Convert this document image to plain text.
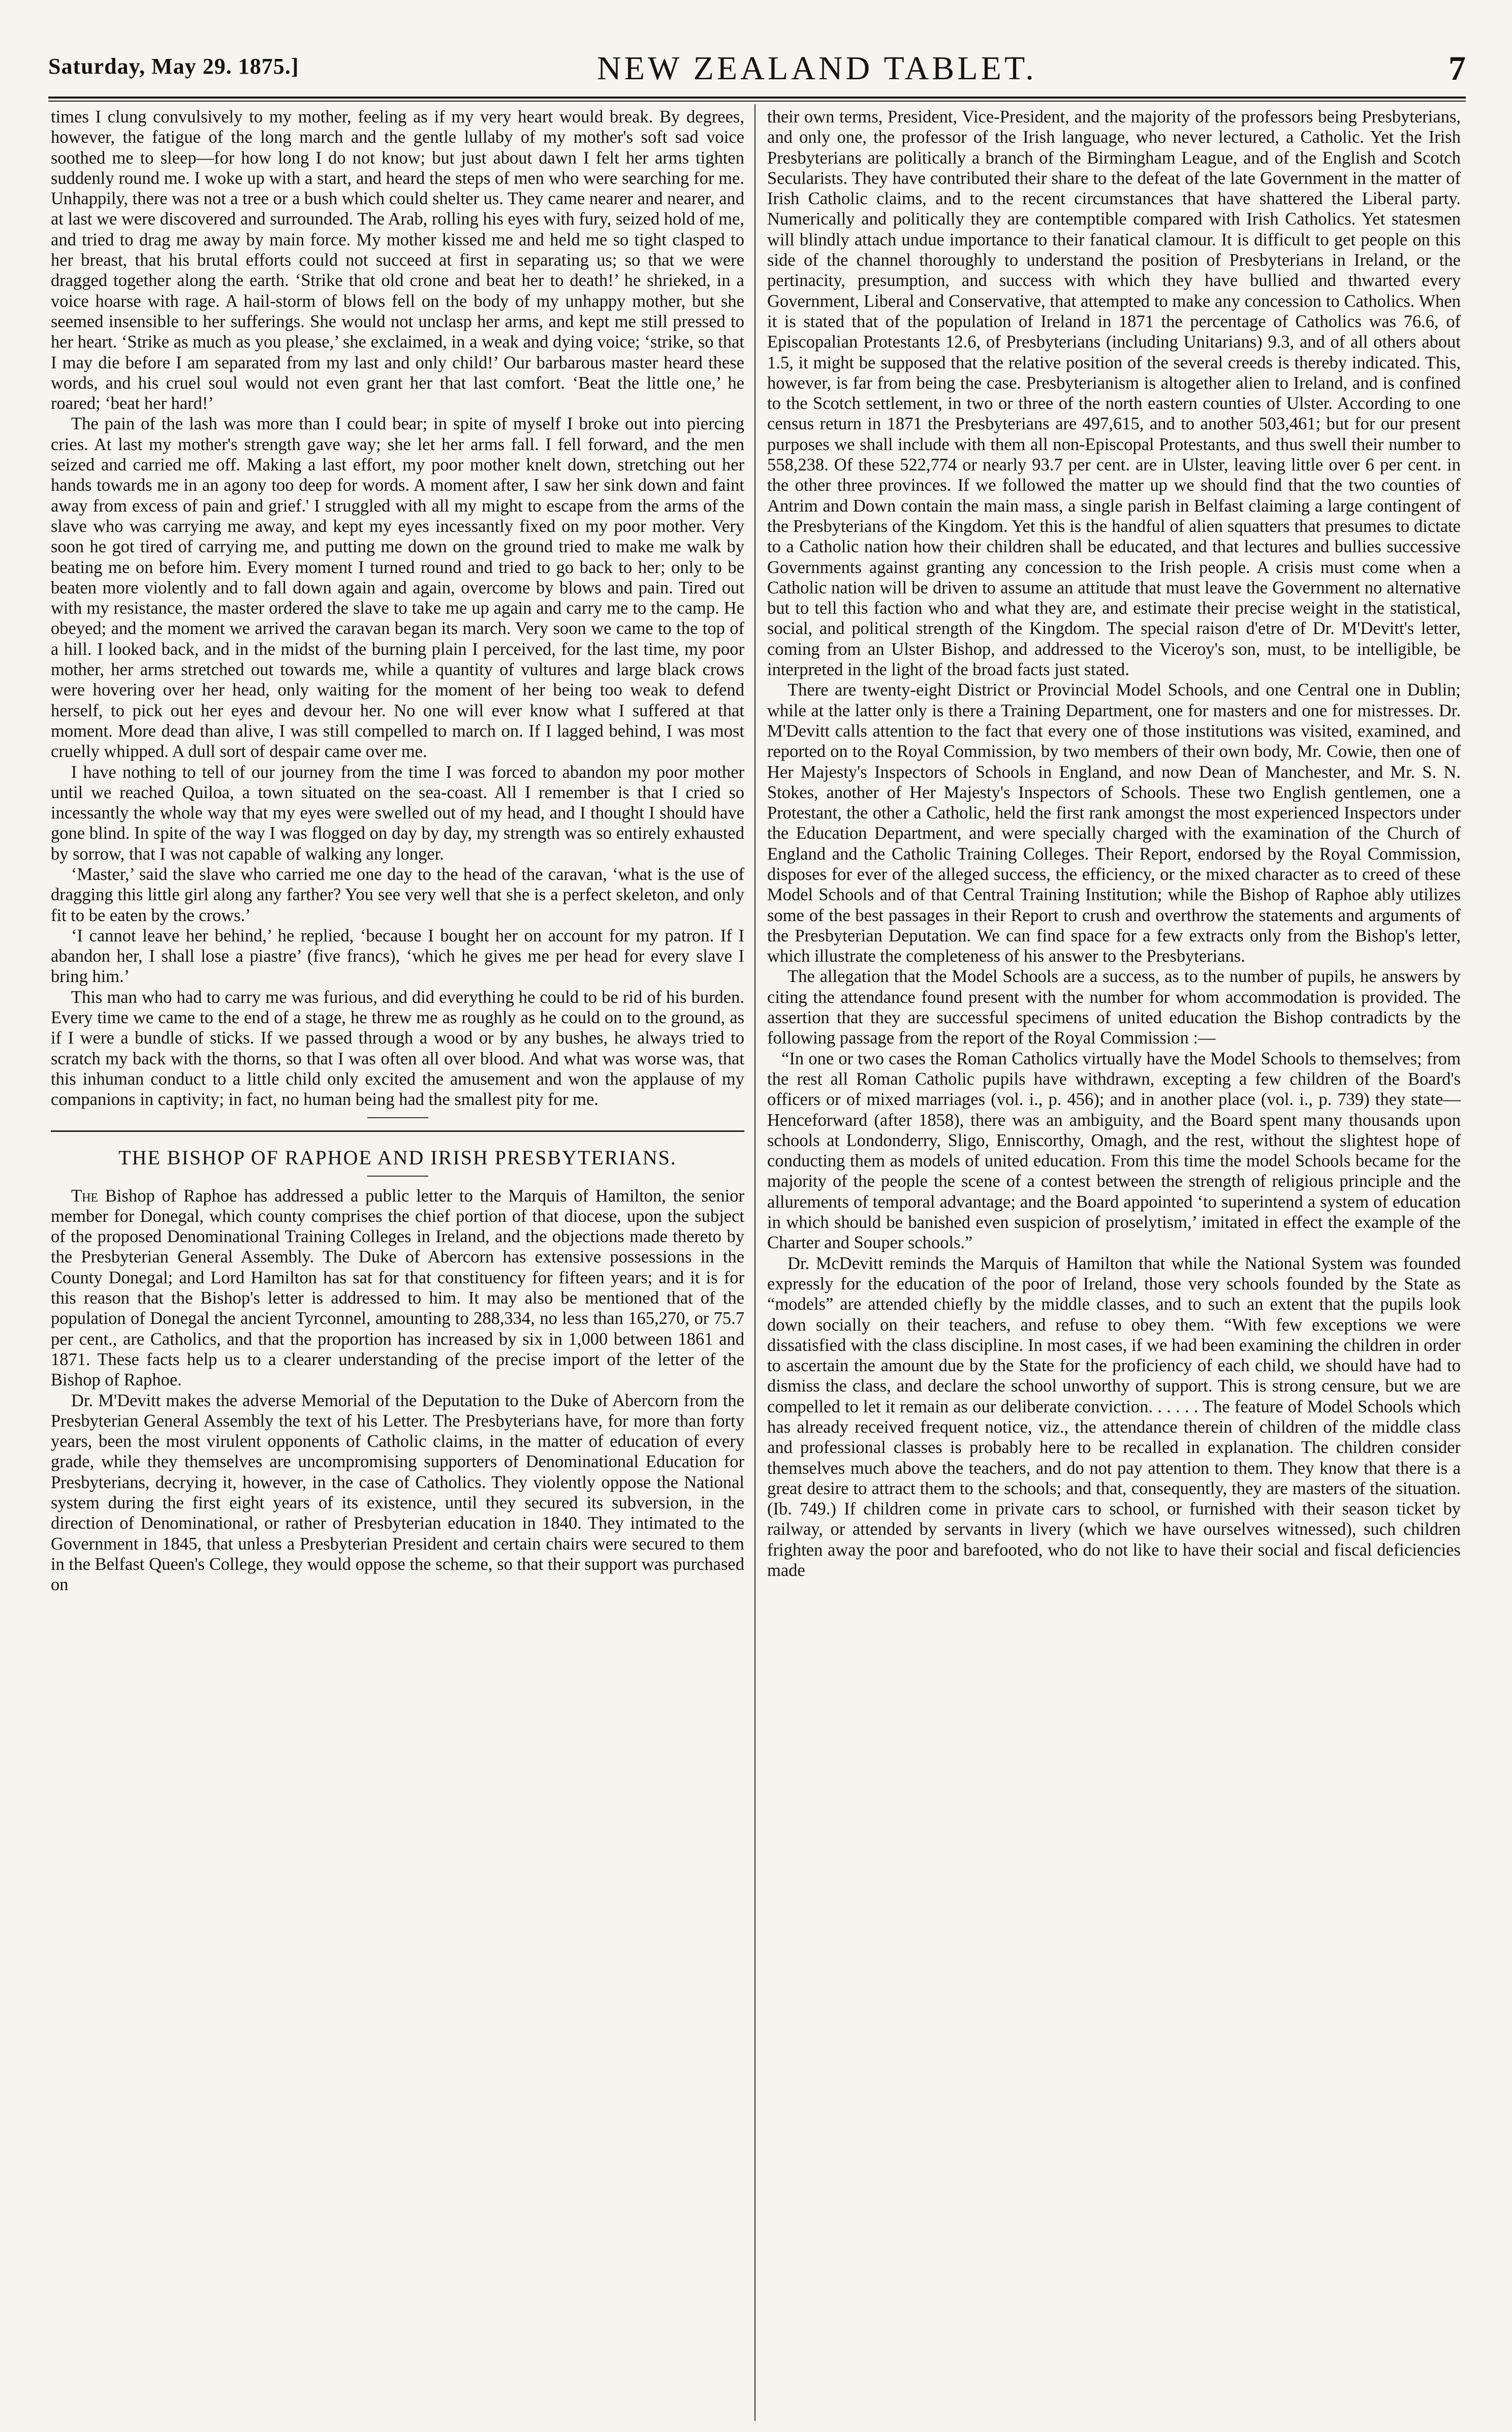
Saturday, May 29. 1875.]	NEW ZEALAND TABLET.	7

times I clung convulsively to my mother, feeling as if my very heart would break. By degrees, however, the fatigue of the long march and the gentle lullaby of my mother's soft sad voice soothed me to sleep—for how long I do not know; but just about dawn I felt her arms tighten suddenly round me. I woke up with a start, and heard the steps of men who were searching for me. Unhappily, there was not a tree or a bush which could shelter us. They came nearer and nearer, and at last we were discovered and surrounded. The Arab, rolling his eyes with fury, seized hold of me, and tried to drag me away by main force. My mother kissed me and held me so tight clasped to her breast, that his brutal efforts could not succeed at first in separating us; so that we were dragged together along the earth. ‘Strike that old crone and beat her to death!’ he shrieked, in a voice hoarse with rage. A hail-storm of blows fell on the body of my unhappy mother, but she seemed insensible to her sufferings. She would not unclasp her arms, and kept me still pressed to her heart. ‘Strike as much as you please,’ she exclaimed, in a weak and dying voice; ‘strike, so that I may die before I am separated from my last and only child!’ Our barbarous master heard these words, and his cruel soul would not even grant her that last comfort. ‘Beat the little one,’ he roared; ‘beat her hard!’

The pain of the lash was more than I could bear; in spite of myself I broke out into piercing cries. At last my mother's strength gave way; she let her arms fall. I fell forward, and the men seized and carried me off. Making a last effort, my poor mother knelt down, stretching out her hands towards me in an agony too deep for words. A moment after, I saw her sink down and faint away from excess of pain and grief.' I struggled with all my might to escape from the arms of the slave who was carrying me away, and kept my eyes incessantly fixed on my poor mother. Very soon he got tired of carrying me, and putting me down on the ground tried to make me walk by beating me on before him. Every moment I turned round and tried to go back to her; only to be beaten more violently and to fall down again and again, overcome by blows and pain. Tired out with my resistance, the master ordered the slave to take me up again and carry me to the camp. He obeyed; and the moment we arrived the caravan began its march. Very soon we came to the top of a hill. I looked back, and in the midst of the burning plain I perceived, for the last time, my poor mother, her arms stretched out towards me, while a quantity of vultures and large black crows were hovering over her head, only waiting for the moment of her being too weak to defend herself, to pick out her eyes and devour her. No one will ever know what I suffered at that moment. More dead than alive, I was still compelled to march on. If I lagged behind, I was most cruelly whipped. A dull sort of despair came over me.

I have nothing to tell of our journey from the time I was forced to abandon my poor mother until we reached Quiloa, a town situated on the sea-coast. All I remember is that I cried so incessantly the whole way that my eyes were swelled out of my head, and I thought I should have gone blind. In spite of the way I was flogged on day by day, my strength was so entirely exhausted by sorrow, that I was not capable of walking any longer.

‘Master,’ said the slave who carried me one day to the head of the caravan, ‘what is the use of dragging this little girl along any farther? You see very well that she is a perfect skeleton, and only fit to be eaten by the crows.’

‘I cannot leave her behind,’ he replied, ‘because I bought her on account for my patron. If I abandon her, I shall lose a piastre’ (five francs), ‘which he gives me per head for every slave I bring him.’

This man who had to carry me was furious, and did everything he could to be rid of his burden. Every time we came to the end of a stage, he threw me as roughly as he could on to the ground, as if I were a bundle of sticks. If we passed through a wood or by any bushes, he always tried to scratch my back with the thorns, so that I was often all over blood. And what was worse was, that this inhuman conduct to a little child only excited the amusement and won the applause of my companions in captivity; in fact, no human being had the smallest pity for me.

THE BISHOP OF RAPHOE AND IRISH PRESBYTERIANS.

The Bishop of Raphoe has addressed a public letter to the Marquis of Hamilton, the senior member for Donegal, which county comprises the chief portion of that diocese, upon the subject of the proposed Denominational Training Colleges in Ireland, and the objections made thereto by the Presbyterian General Assembly. The Duke of Abercorn has extensive possessions in the County Donegal; and Lord Hamilton has sat for that constituency for fifteen years; and it is for this reason that the Bishop's letter is addressed to him. It may also be mentioned that of the population of Donegal the ancient Tyrconnel, amounting to 288,334, no less than 165,270, or 75.7 per cent., are Catholics, and that the proportion has increased by six in 1,000 between 1861 and 1871. These facts help us to a clearer understanding of the precise import of the letter of the Bishop of Raphoe.

Dr. M'Devitt makes the adverse Memorial of the Deputation to the Duke of Abercorn from the Presbyterian General Assembly the text of his Letter. The Presbyterians have, for more than forty years, been the most virulent opponents of Catholic claims, in the matter of education of every grade, while they themselves are uncompromising supporters of Denominational Education for Presbyterians, decrying it, however, in the case of Catholics. They violently oppose the National system during the first eight years of its existence, until they secured its subversion, in the direction of Denominational, or rather of Presbyterian education in 1840. They intimated to the Government in 1845, that unless a Presbyterian President and certain chairs were secured to them in the Belfast Queen's College, they would oppose the scheme, so that their support was purchased on

their own terms, President, Vice-President, and the majority of the professors being Presbyterians, and only one, the professor of the Irish language, who never lectured, a Catholic. Yet the Irish Presbyterians are politically a branch of the Birmingham League, and of the English and Scotch Secularists. They have contributed their share to the defeat of the late Government in the matter of Irish Catholic claims, and to the recent circumstances that have shattered the Liberal party. Numerically and politically they are contemptible compared with Irish Catholics. Yet statesmen will blindly attach undue importance to their fanatical clamour. It is difficult to get people on this side of the channel thoroughly to understand the position of Presbyterians in Ireland, or the pertinacity, presumption, and success with which they have bullied and thwarted every Government, Liberal and Conservative, that attempted to make any concession to Catholics. When it is stated that of the population of Ireland in 1871 the percentage of Catholics was 76.6, of Episcopalian Protestants 12.6, of Presbyterians (including Unitarians) 9.3, and of all others about 1.5, it might be supposed that the relative position of the several creeds is thereby indicated. This, however, is far from being the case. Presbyterianism is altogether alien to Ireland, and is confined to the Scotch settlement, in two or three of the north eastern counties of Ulster. According to one census return in 1871 the Presbyterians are 497,615, and to another 503,461; but for our present purposes we shall include with them all non-Episcopal Protestants, and thus swell their number to 558,238. Of these 522,774 or nearly 93.7 per cent. are in Ulster, leaving little over 6 per cent. in the other three provinces. If we followed the matter up we should find that the two counties of Antrim and Down contain the main mass, a single parish in Belfast claiming a large contingent of the Presbyterians of the Kingdom. Yet this is the handful of alien squatters that presumes to dictate to a Catholic nation how their children shall be educated, and that lectures and bullies successive Governments against granting any concession to the Irish people. A crisis must come when a Catholic nation will be driven to assume an attitude that must leave the Government no alternative but to tell this faction who and what they are, and estimate their precise weight in the statistical, social, and political strength of the Kingdom. The special raison d'etre of Dr. M'Devitt's letter, coming from an Ulster Bishop, and addressed to the Viceroy's son, must, to be intelligible, be interpreted in the light of the broad facts just stated.

There are twenty-eight District or Provincial Model Schools, and one Central one in Dublin; while at the latter only is there a Training Department, one for masters and one for mistresses. Dr. M'Devitt calls attention to the fact that every one of those institutions was visited, examined, and reported on to the Royal Commission, by two members of their own body, Mr. Cowie, then one of Her Majesty's Inspectors of Schools in England, and now Dean of Manchester, and Mr. S. N. Stokes, another of Her Majesty's Inspectors of Schools. These two English gentlemen, one a Protestant, the other a Catholic, held the first rank amongst the most experienced Inspectors under the Education Department, and were specially charged with the examination of the Church of England and the Catholic Training Colleges. Their Report, endorsed by the Royal Commission, disposes for ever of the alleged success, the efficiency, or the mixed character as to creed of these Model Schools and of that Central Training Institution; while the Bishop of Raphoe ably utilizes some of the best passages in their Report to crush and overthrow the statements and arguments of the Presbyterian Deputation. We can find space for a few extracts only from the Bishop's letter, which illustrate the completeness of his answer to the Presbyterians.

The allegation that the Model Schools are a success, as to the number of pupils, he answers by citing the attendance found present with the number for whom accommodation is provided. The assertion that they are successful specimens of united education the Bishop contradicts by the following passage from the report of the Royal Commission :—

“In one or two cases the Roman Catholics virtually have the Model Schools to themselves; from the rest all Roman Catholic pupils have withdrawn, excepting a few children of the Board's officers or of mixed marriages (vol. i., p. 456); and in another place (vol. i., p. 739) they state—Henceforward (after 1858), there was an ambiguity, and the Board spent many thousands upon schools at Londonderry, Sligo, Enniscorthy, Omagh, and the rest, without the slightest hope of conducting them as models of united education. From this time the model Schools became for the majority of the people the scene of a contest between the strength of religious principle and the allurements of temporal advantage; and the Board appointed ‘to superintend a system of education in which should be banished even suspicion of proselytism,’ imitated in effect the example of the Charter and Souper schools.”

Dr. McDevitt reminds the Marquis of Hamilton that while the National System was founded expressly for the education of the poor of Ireland, those very schools founded by the State as “models” are attended chiefly by the middle classes, and to such an extent that the pupils look down socially on their teachers, and refuse to obey them. “With few exceptions we were dissatisfied with the class discipline. In most cases, if we had been examining the children in order to ascertain the amount due by the State for the proficiency of each child, we should have had to dismiss the class, and declare the school unworthy of support. This is strong censure, but we are compelled to let it remain as our deliberate conviction. . . . . . The feature of Model Schools which has already received frequent notice, viz., the attendance therein of children of the middle class and professional classes is probably here to be recalled in explanation. The children consider themselves much above the teachers, and do not pay attention to them. They know that there is a great desire to attract them to the schools; and that, consequently, they are masters of the situation. (Ib. 749.) If children come in private cars to school, or furnished with their season ticket by railway, or attended by servants in livery (which we have ourselves witnessed), such children frighten away the poor and barefooted, who do not like to have their social and fiscal deficiencies made
